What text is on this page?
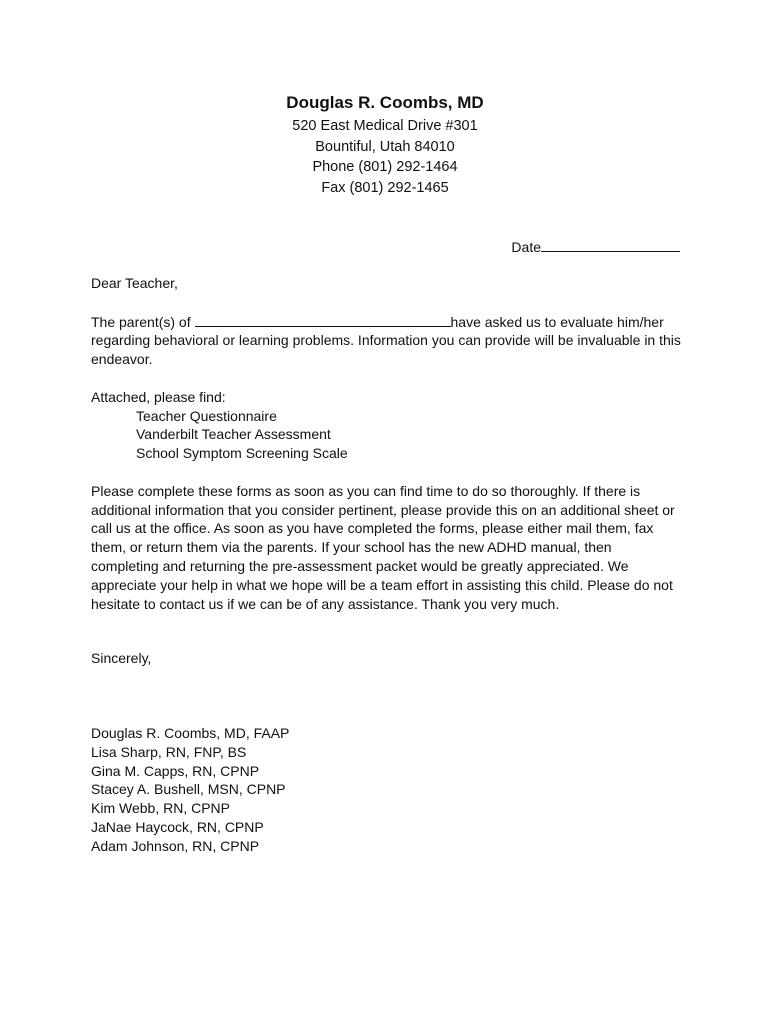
Douglas R. Coombs, MD
520 East Medical Drive #301
Bountiful, Utah 84010
Phone (801) 292-1464
Fax (801) 292-1465
Date

Dear Teacher,

The parent(s) of	have asked us to evaluate him/her
regarding behavioral or learning problems. Information you can provide will be invaluable in this
endeavor.
Attached, please find:
Teacher Questionnaire
Vanderbilt Teacher Assessment
School Symptom Screening Scale
Please complete these forms as soon as you can find time to do so thoroughly. If there is
additional information that you consider pertinent, please provide this on an additional sheet or
call us at the office. As soon as you have completed the forms, please either mail them, fax
them, or return them via the parents. If your school has the new ADHD manual, then
completing and returning the pre-assessment packet would be greatly appreciated. We
appreciate your help in what we hope will be a team effort in assisting this child. Please do not
hesitate to contact us if we can be of any assistance. Thank you very much.
Sincerely,
Douglas R. Coombs, MD, FAAP
Lisa Sharp, RN, FNP, BS
Gina M. Capps, RN, CPNP
Stacey A. Bushell, MSN, CPNP
Kim Webb, RN, CPNP
JaNae Haycock, RN, CPNP
Adam Johnson, RN, CPNP
